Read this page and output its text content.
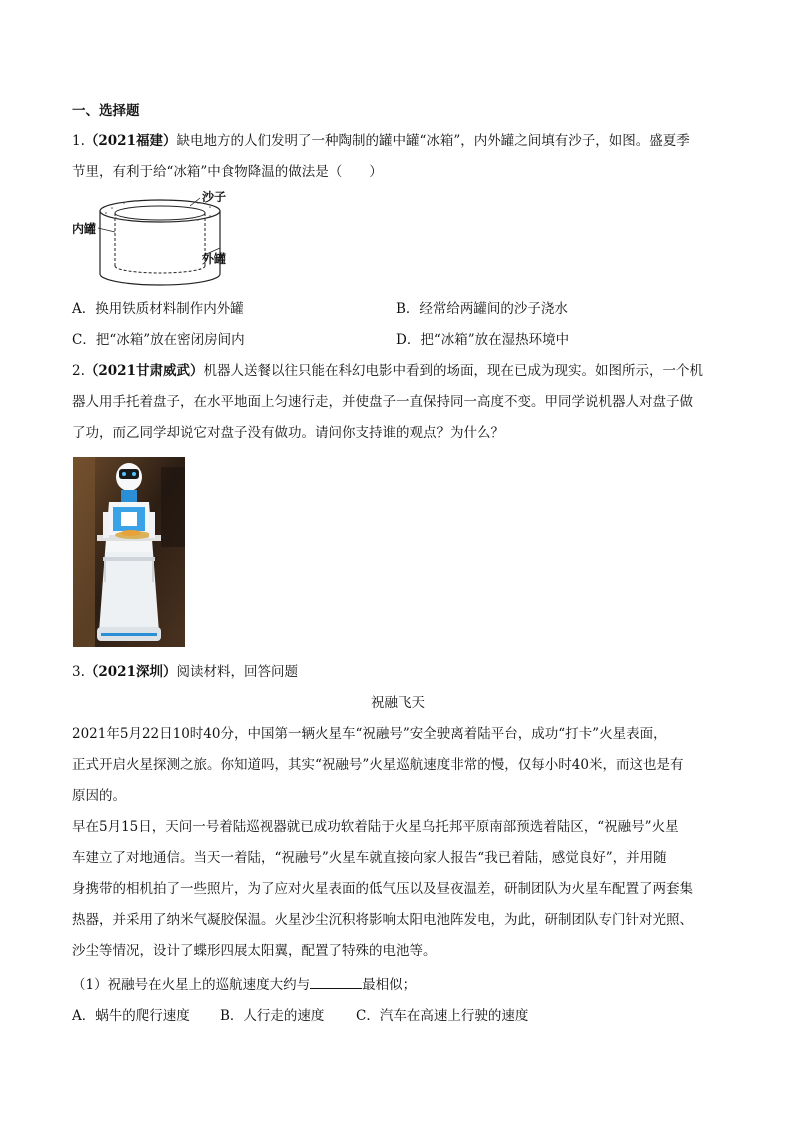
一、选择题
1.（2021福建）缺电地方的人们发明了一种陶制的罐中罐“冰箱”，内外罐之间填有沙子，如图。盛夏季
节里，有利于给“冰箱”中食物降温的做法是（　　）
沙子
内罐
外罐
A．换用铁质材料制作内外罐	B．经常给两罐间的沙子浇水
C．把“冰箱”放在密闭房间内	D．把“冰箱”放在湿热环境中
2.（2021甘肃威武）机器人送餐以往只能在科幻电影中看到的场面，现在已成为现实。如图所示，一个机
器人用手托着盘子，在水平地面上匀速行走，并使盘子一直保持同一高度不变。甲同学说机器人对盘子做
了功，而乙同学却说它对盘子没有做功。请问你支持谁的观点？为什么？
3.（2021深圳）阅读材料，回答问题
祝融飞天
2021年5月22日10时40分，中国第一辆火星车“祝融号”安全驶离着陆平台，成功“打卡”火星表面，
正式开启火星探测之旅。你知道吗，其实“祝融号”火星巡航速度非常的慢，仅每小时40米，而这也是有
原因的。
早在5月15日，天问一号着陆巡视器就已成功软着陆于火星乌托邦平原南部预选着陆区，“祝融号”火星
车建立了对地通信。当天一着陆，“祝融号”火星车就直接向家人报告“我已着陆，感觉良好”，并用随
身携带的相机拍了一些照片，为了应对火星表面的低气压以及昼夜温差，研制团队为火星车配置了两套集
热器，并采用了纳米气凝胶保温。火星沙尘沉积将影响太阳电池阵发电，为此，研制团队专门针对光照、
沙尘等情况，设计了蝶形四展太阳翼，配置了特殊的电池等。
（1）祝融号在火星上的巡航速度大约与	最相似；
A．蜗牛的爬行速度 B．人行走的速度 C．汽车在高速上行驶的速度
